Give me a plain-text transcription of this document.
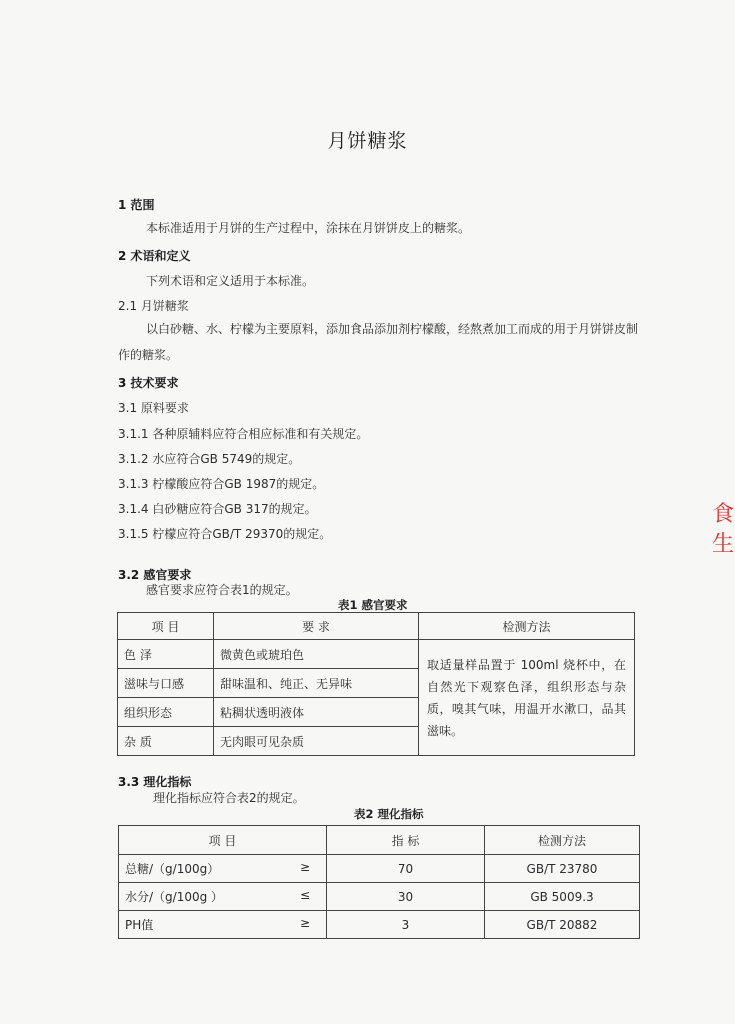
月饼糖浆
1 范围
本标准适用于月饼的生产过程中，涂抹在月饼饼皮上的糖浆。
2 术语和定义
下列术语和定义适用于本标准。
2.1 月饼糖浆
以白砂糖、水、柠檬为主要原料，添加食品添加剂柠檬酸，经熬煮加工而成的用于月饼饼皮制作的糖浆。
3 技术要求
3.1 原料要求
3.1.1 各种原辅料应符合相应标准和有关规定。
3.1.2 水应符合GB 5749的规定。
3.1.3 柠檬酸应符合GB 1987的规定。
3.1.4 白砂糖应符合GB 317的规定。
3.1.5 柠檬应符合GB/T 29370的规定。
3.2 感官要求
感官要求应符合表1的规定。
表1 感官要求
项 目	要 求	检测方法
色 泽	微黄色或琥珀色	取适量样品置于 100ml 烧杯中，在自然光下观察色泽，组织形态与杂质，嗅其气味，用温开水漱口，品其滋味。
滋味与口感	甜味温和、纯正、无异味	
组织形态	粘稠状透明液体	
杂 质	无肉眼可见杂质	
3.3 理化指标
理化指标应符合表2的规定。
表2 理化指标
项 目	指 标	检测方法
总糖/（g/100g） ≥	70	GB/T 23780
水分/（g/100g ） ≤	30	GB 5009.3
PH值 ≥	3	GB/T 20882
食生
